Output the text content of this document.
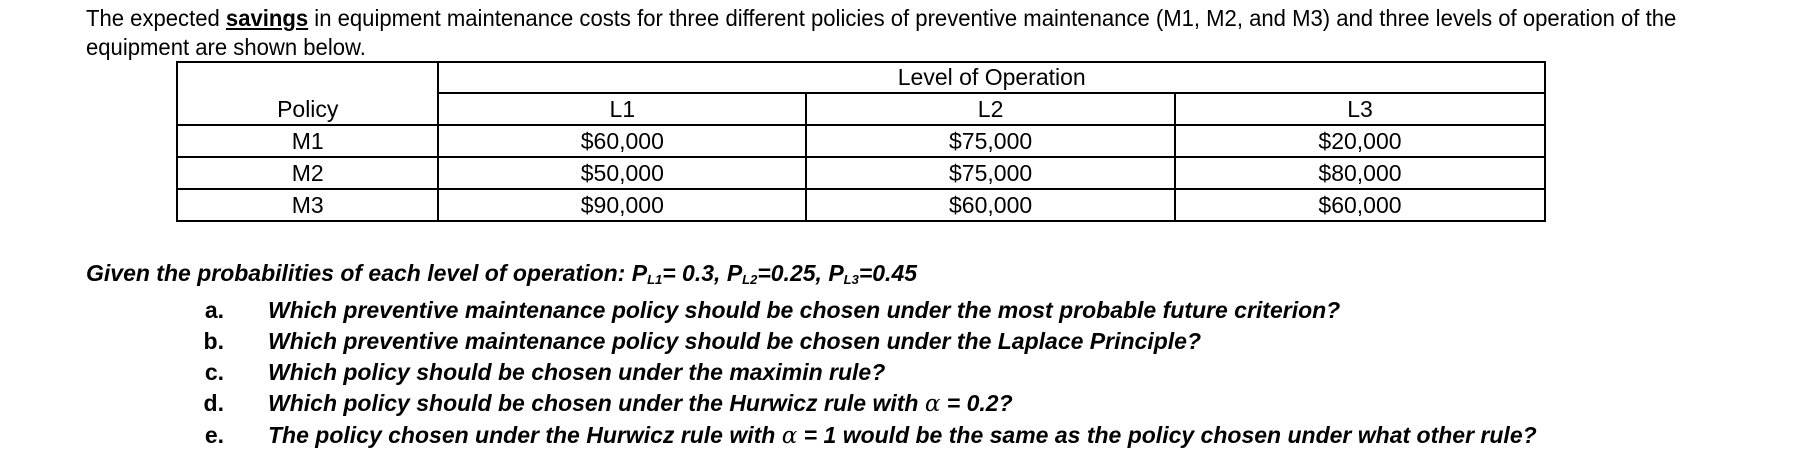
The expected savings in equipment maintenance costs for three different policies of preventive maintenance (M1, M2, and M3) and three levels of operation of the equipment are shown below.
Policy	Level of Operation		
	L1	L2	L3
M1	$60,000	$75,000	$20,000
M2	$50,000	$75,000	$80,000
M3	$90,000	$60,000	$60,000
Given the probabilities of each level of operation: $P_{L1}= 0.3$, $P_{L2}=0.25$, $P_{L3}=0.45$
a.	Which preventive maintenance policy should be chosen under the most probable future criterion?
b.	Which preventive maintenance policy should be chosen under the Laplace Principle?
c.	Which policy should be chosen under the maximin rule?
d.	Which policy should be chosen under the Hurwicz rule with α = 0.2?
e.	The policy chosen under the Hurwicz rule with α = 1 would be the same as the policy chosen under what other rule?
